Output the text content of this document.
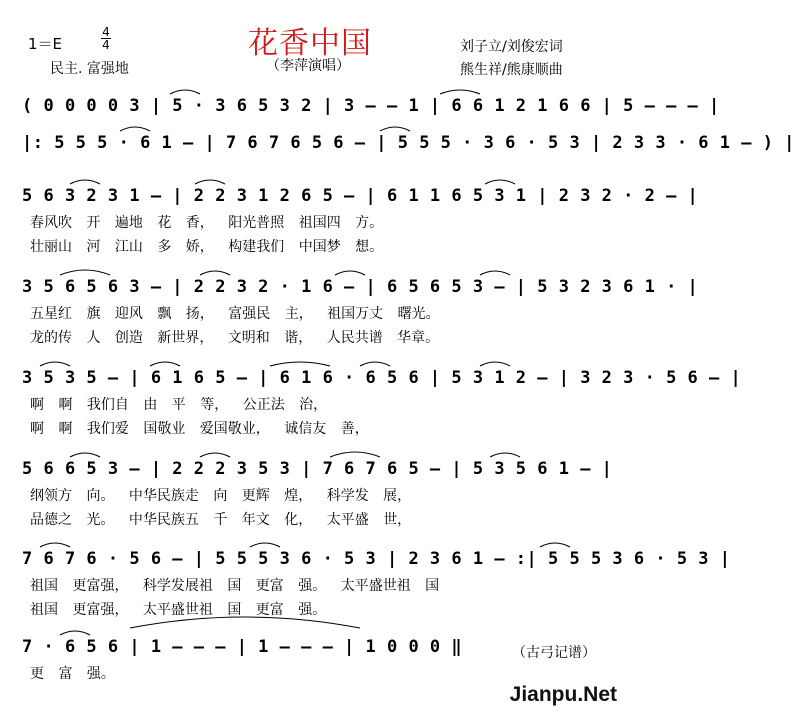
花香中国
1＝E
4
4
民主. 富强地	（李萍演唱）
刘子立/刘俊宏词
熊生祥/熊康顺曲
( 0 0 0 0 3 | 5 · 3 6 5 3 2 | 3 – – 1 | 6 6 1 2 1 6 6 | 5 – – – |
|: 5 5 5 · 6 1 – | 7 6 7 6 5 6 – | 5 5 5 · 3 6 · 5 3 | 2 3 3 · 6 1 – ) |
5 6 3 2 3 1 – | 2 2 3 1 2 6 5 – | 6 1 1 6 5 3 1 | 2 3 2 · 2 – |
春风吹 开 遍地 花 香， 阳光普照 祖国四 方。
壮丽山 河 江山 多 娇， 构建我们 中国梦 想。
3 5 6 5 6 3 – | 2 2 3 2 · 1 6 – | 6 5 6 5 3 – | 5 3 2 3 6 1 · |
五星红 旗 迎风 飘 扬， 富强民 主， 祖国万丈 曙光。
龙的传 人 创造 新世界， 文明和 谐， 人民共谱 华章。
3 5 3 5 – | 6 1 6 5 – | 6 1 6 · 6 5 6 | 5 3 1 2 – | 3 2 3 · 5 6 – |
啊 啊 我们自 由 平 等， 公正法 治，
啊 啊 我们爱 国敬业 爱国敬业， 诚信友 善，
5 6 6 5 3 – | 2 2 2 3 5 3 | 7 6 7 6 5 – | 5 3 5 6 1 – |
纲领方 向。 中华民族走 向 更辉 煌， 科学发 展，
品德之 光。 中华民族五 千 年文 化， 太平盛 世，
7 6 7 6 · 5 6 – | 5 5 5 3 6 · 5 3 | 2 3 6 1 – :| 5 5 5 3 6 · 5 3 |
祖国 更富强， 科学发展祖 国 更富 强。 太平盛世祖 国
祖国 更富强， 太平盛世祖 国 更富 强。
7 · 6 5 6 | 1 – – – | 1 – – – | 1 0 0 0 ‖
更 富 强。
（古弓记谱）
Jianpu.Net
